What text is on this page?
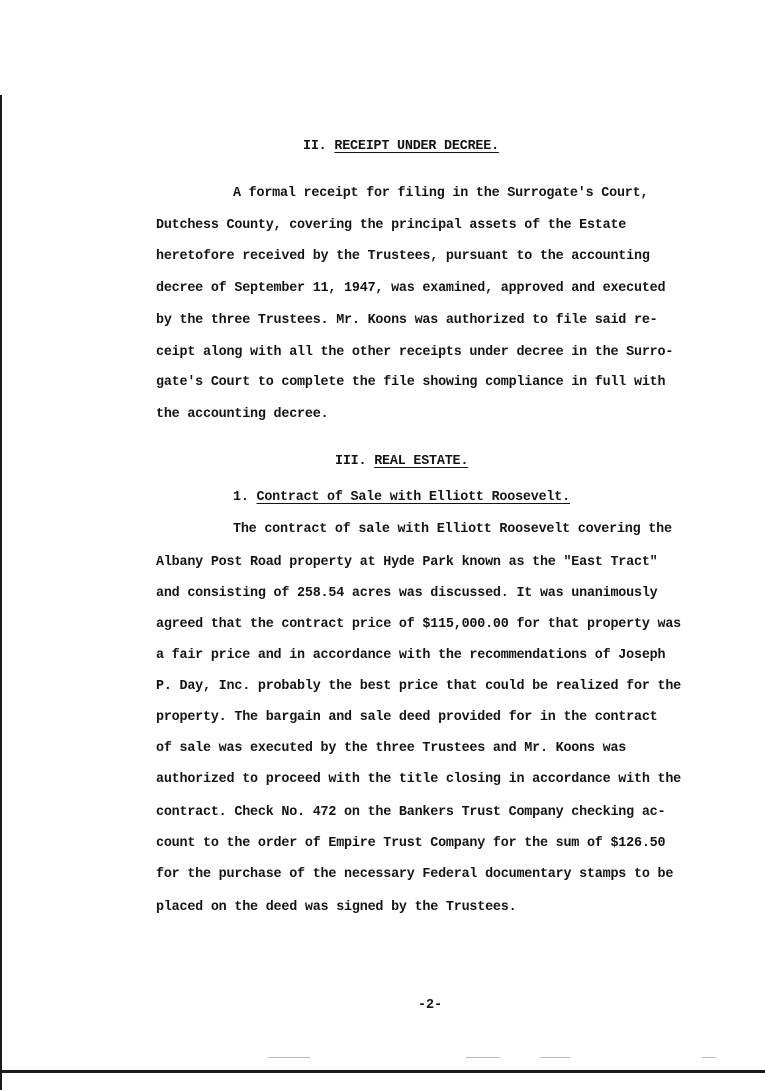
II. RECEIPT UNDER DECREE.
A formal receipt for filing in the Surrogate's Court,
Dutchess County, covering the principal assets of the Estate
heretofore received by the Trustees, pursuant to the accounting
decree of September 11, 1947, was examined, approved and executed
by the three Trustees. Mr. Koons was authorized to file said re-
ceipt along with all the other receipts under decree in the Surro-
gate's Court to complete the file showing compliance in full with
the accounting decree.
III. REAL ESTATE.
1. Contract of Sale with Elliott Roosevelt.
The contract of sale with Elliott Roosevelt covering the
Albany Post Road property at Hyde Park known as the "East Tract"
and consisting of 258.54 acres was discussed. It was unanimously
agreed that the contract price of $115,000.00 for that property was
a fair price and in accordance with the recommendations of Joseph
P. Day, Inc. probably the best price that could be realized for the
property. The bargain and sale deed provided for in the contract
of sale was executed by the three Trustees and Mr. Koons was
authorized to proceed with the title closing in accordance with the
contract. Check No. 472 on the Bankers Trust Company checking ac-
count to the order of Empire Trust Company for the sum of $126.50
for the purchase of the necessary Federal documentary stamps to be
placed on the deed was signed by the Trustees.
-2-
